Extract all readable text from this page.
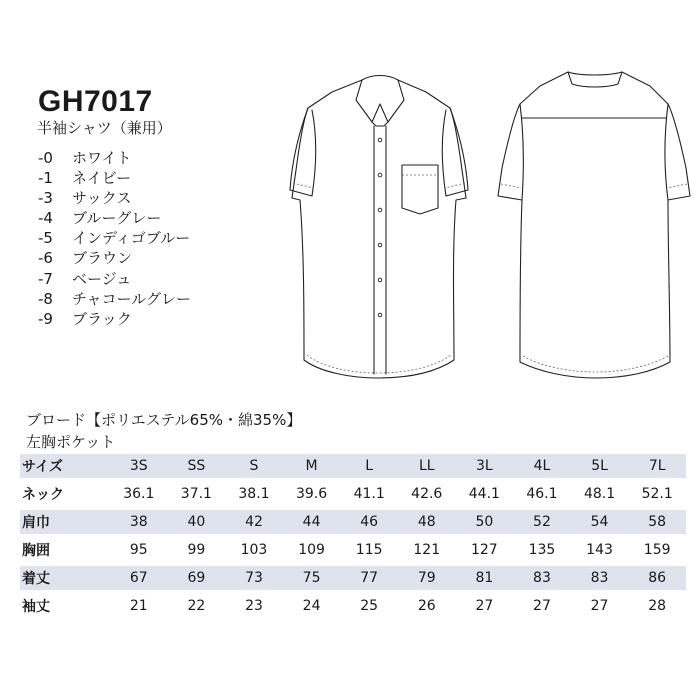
GH7017
半袖シャツ（兼用）
-0	ホワイト
-1	ネイビー
-3	サックス
-4	ブルーグレー
-5	インディゴブルー
-6	ブラウン
-7	ベージュ
-8	チャコールグレー
-9	ブラック
ブロード【ポリエステル65%・綿35%】
左胸ポケット
サイズ	3S	SS	S	M	L	LL	3L	4L	5L	7L
ネック	36.1	37.1	38.1	39.6	41.1	42.6	44.1	46.1	48.1	52.1
肩巾	38	40	42	44	46	48	50	52	54	58
胸囲	95	99	103	109	115	121	127	135	143	159
着丈	67	69	73	75	77	79	81	83	83	86
袖丈	21	22	23	24	25	26	27	27	27	28
